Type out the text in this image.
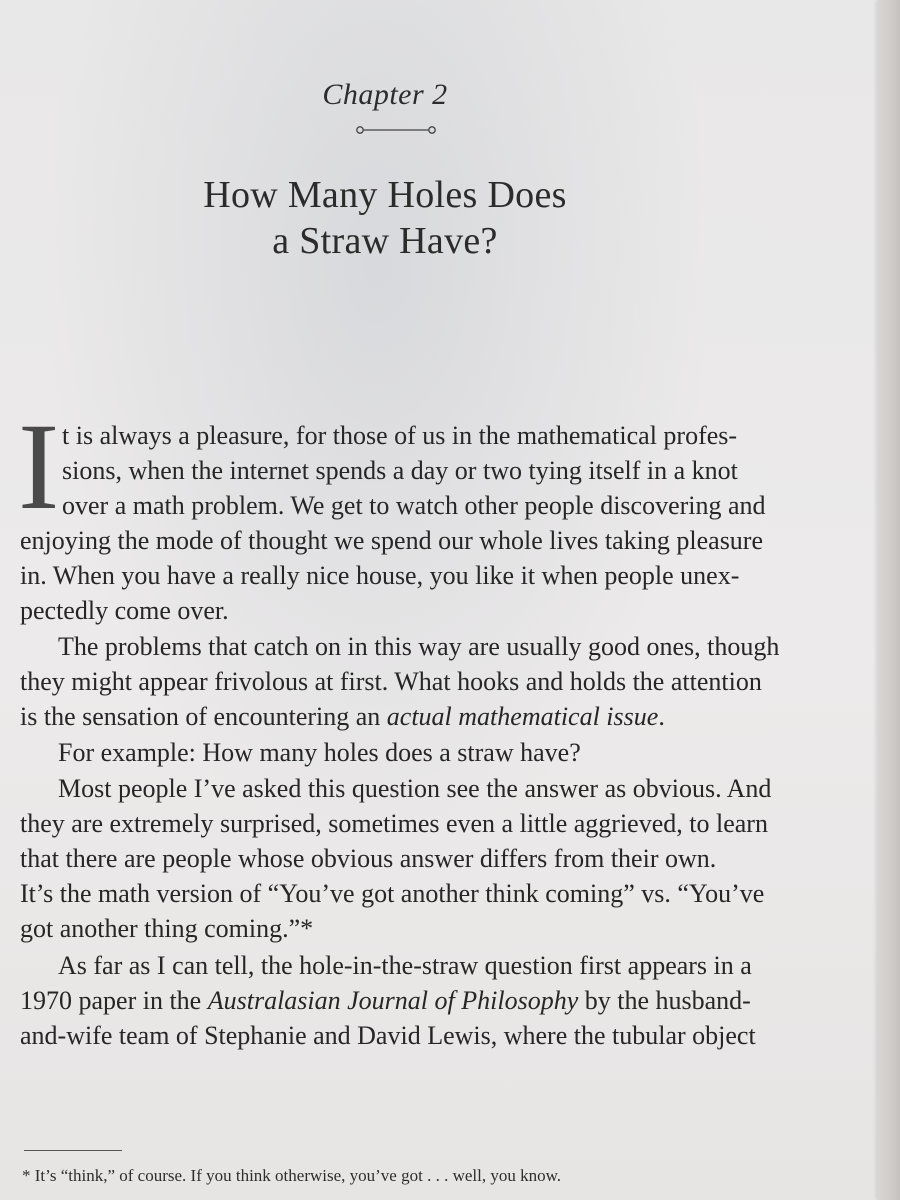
Chapter 2
How Many Holes Does
a Straw Have?
I t is always a pleasure, for those of us in the mathematical profes-
sions, when the internet spends a day or two tying itself in a knot
over a math problem. We get to watch other people discovering and
enjoying the mode of thought we spend our whole lives taking pleasure
in. When you have a really nice house, you like it when people unex-
pectedly come over.
The problems that catch on in this way are usually good ones, though
they might appear frivolous at first. What hooks and holds the attention
is the sensation of encountering an actual mathematical issue.
For example: How many holes does a straw have?
Most people I’ve asked this question see the answer as obvious. And
they are extremely surprised, sometimes even a little aggrieved, to learn
that there are people whose obvious answer differs from their own.
It’s the math version of “You’ve got another think coming” vs. “You’ve
got another thing coming.”*
As far as I can tell, the hole-in-the-straw question first appears in a
1970 paper in the Australasian Journal of Philosophy by the husband-
and-wife team of Stephanie and David Lewis, where the tubular object
* It’s “think,” of course. If you think otherwise, you’ve got . . . well, you know.
